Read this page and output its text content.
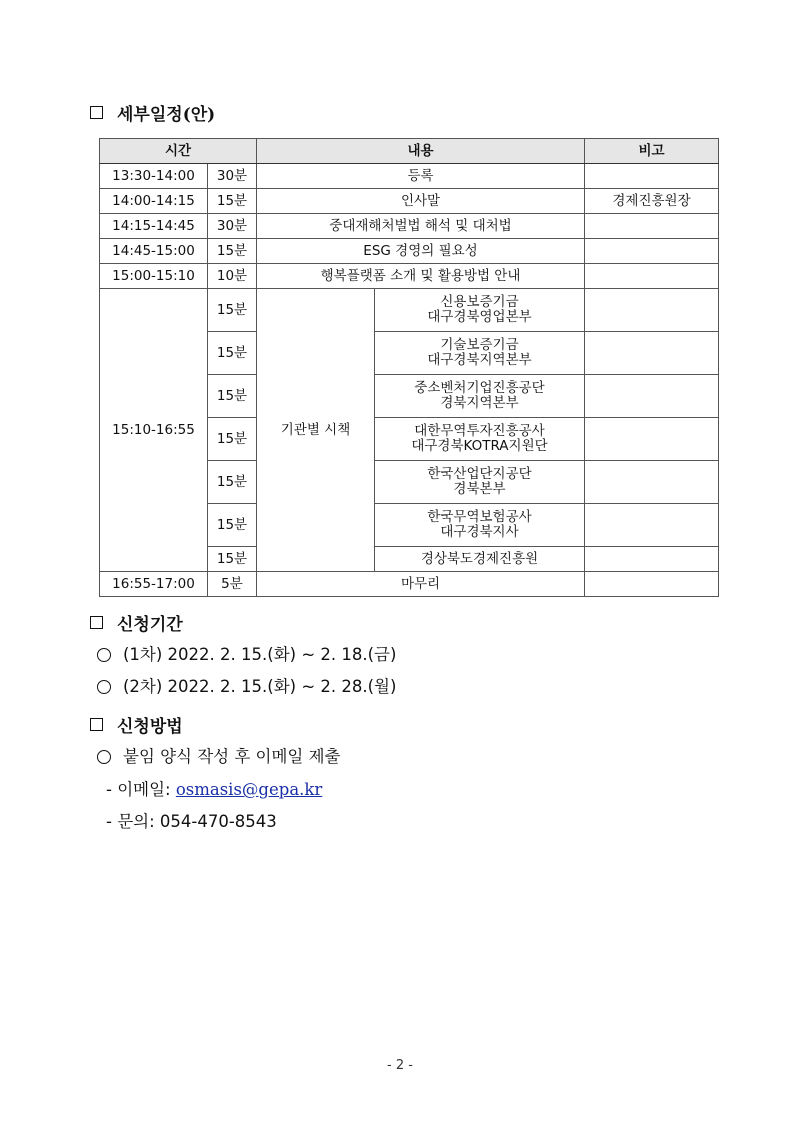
세부일정(안)
시간		내용		비고
13:30-14:00	30분	등록		
14:00-14:15	15분	인사말		경제진흥원장
14:15-14:45	30분	중대재해처벌법 해석 및 대처법		
14:45-15:00	15분	ESG 경영의 필요성		
15:00-15:10	10분	행복플랫폼 소개 및 활용방법 안내		
15:10-16:55	15분	기관별 시책	신용보증기금
대구경북영업본부	

	15분		기술보증기금
대구경북지역본부	

	15분		중소벤처기업진흥공단
경북지역본부	

	15분		대한무역투자진흥공사
대구경북KOTRA지원단	

	15분		한국산업단지공단
경북본부	

	15분		한국무역보험공사
대구경북지사	

	15분		경상북도경제진흥원	
16:55-17:00	5분	마무리		
신청기간
(1차) 2022. 2. 15.(화) ~ 2. 18.(금)
(2차) 2022. 2. 15.(화) ~ 2. 28.(월)
신청방법
붙임 양식 작성 후 이메일 제출
- 이메일: osmasis@gepa.kr
- 문의: 054-470-8543
- 2 -
